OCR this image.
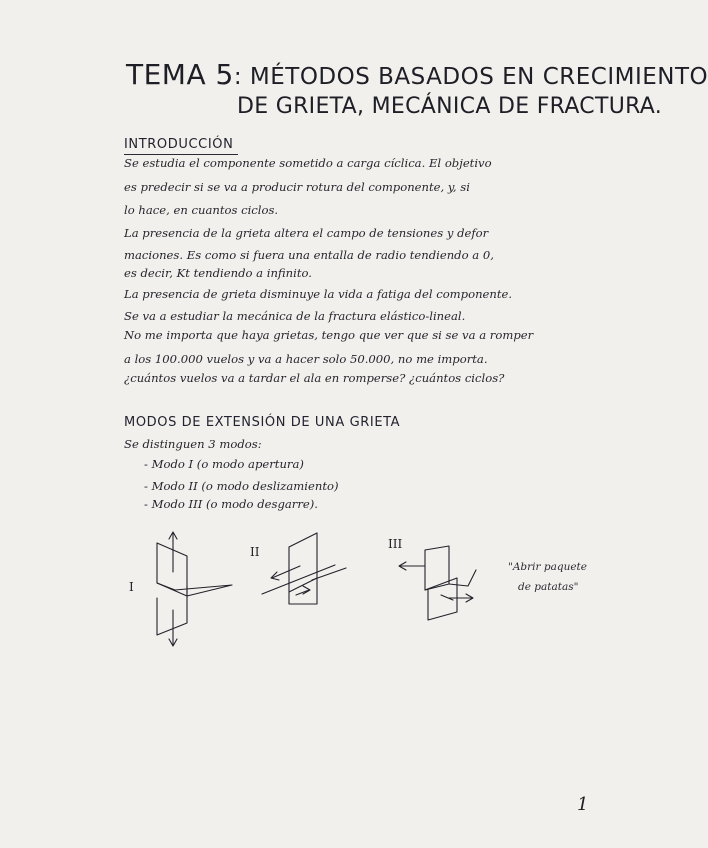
TEMA 5: MÉTODOS BASADOS EN CRECIMIENTO
DE GRIETA, MECÁNICA DE FRACTURA.
INTRODUCCIÓN
Se estudia el componente sometido a carga cíclica. El objetivo
es predecir si se va a producir rotura del componente, y, si
lo hace, en cuantos ciclos.
La presencia de la grieta altera el campo de tensiones y defor
maciones. Es como si fuera una entalla de radio tendiendo a 0,
es decir, Kt tendiendo a infinito.
La presencia de grieta disminuye la vida a fatiga del componente.
Se va a estudiar la mecánica de la fractura elástico-lineal.
No me importa que haya grietas, tengo que ver que si se va a romper
a los 100.000 vuelos y va a hacer solo 50.000, no me importa.
¿cuántos vuelos va a tardar el ala en romperse? ¿cuántos ciclos?
MODOS DE EXTENSIÓN DE UNA GRIETA
Se distinguen 3 modos:
- Modo I (o modo apertura)
- Modo II (o modo deslizamiento)
- Modo III (o modo desgarre).
I
II
III
"Abrir paquete
de patatas"
1
